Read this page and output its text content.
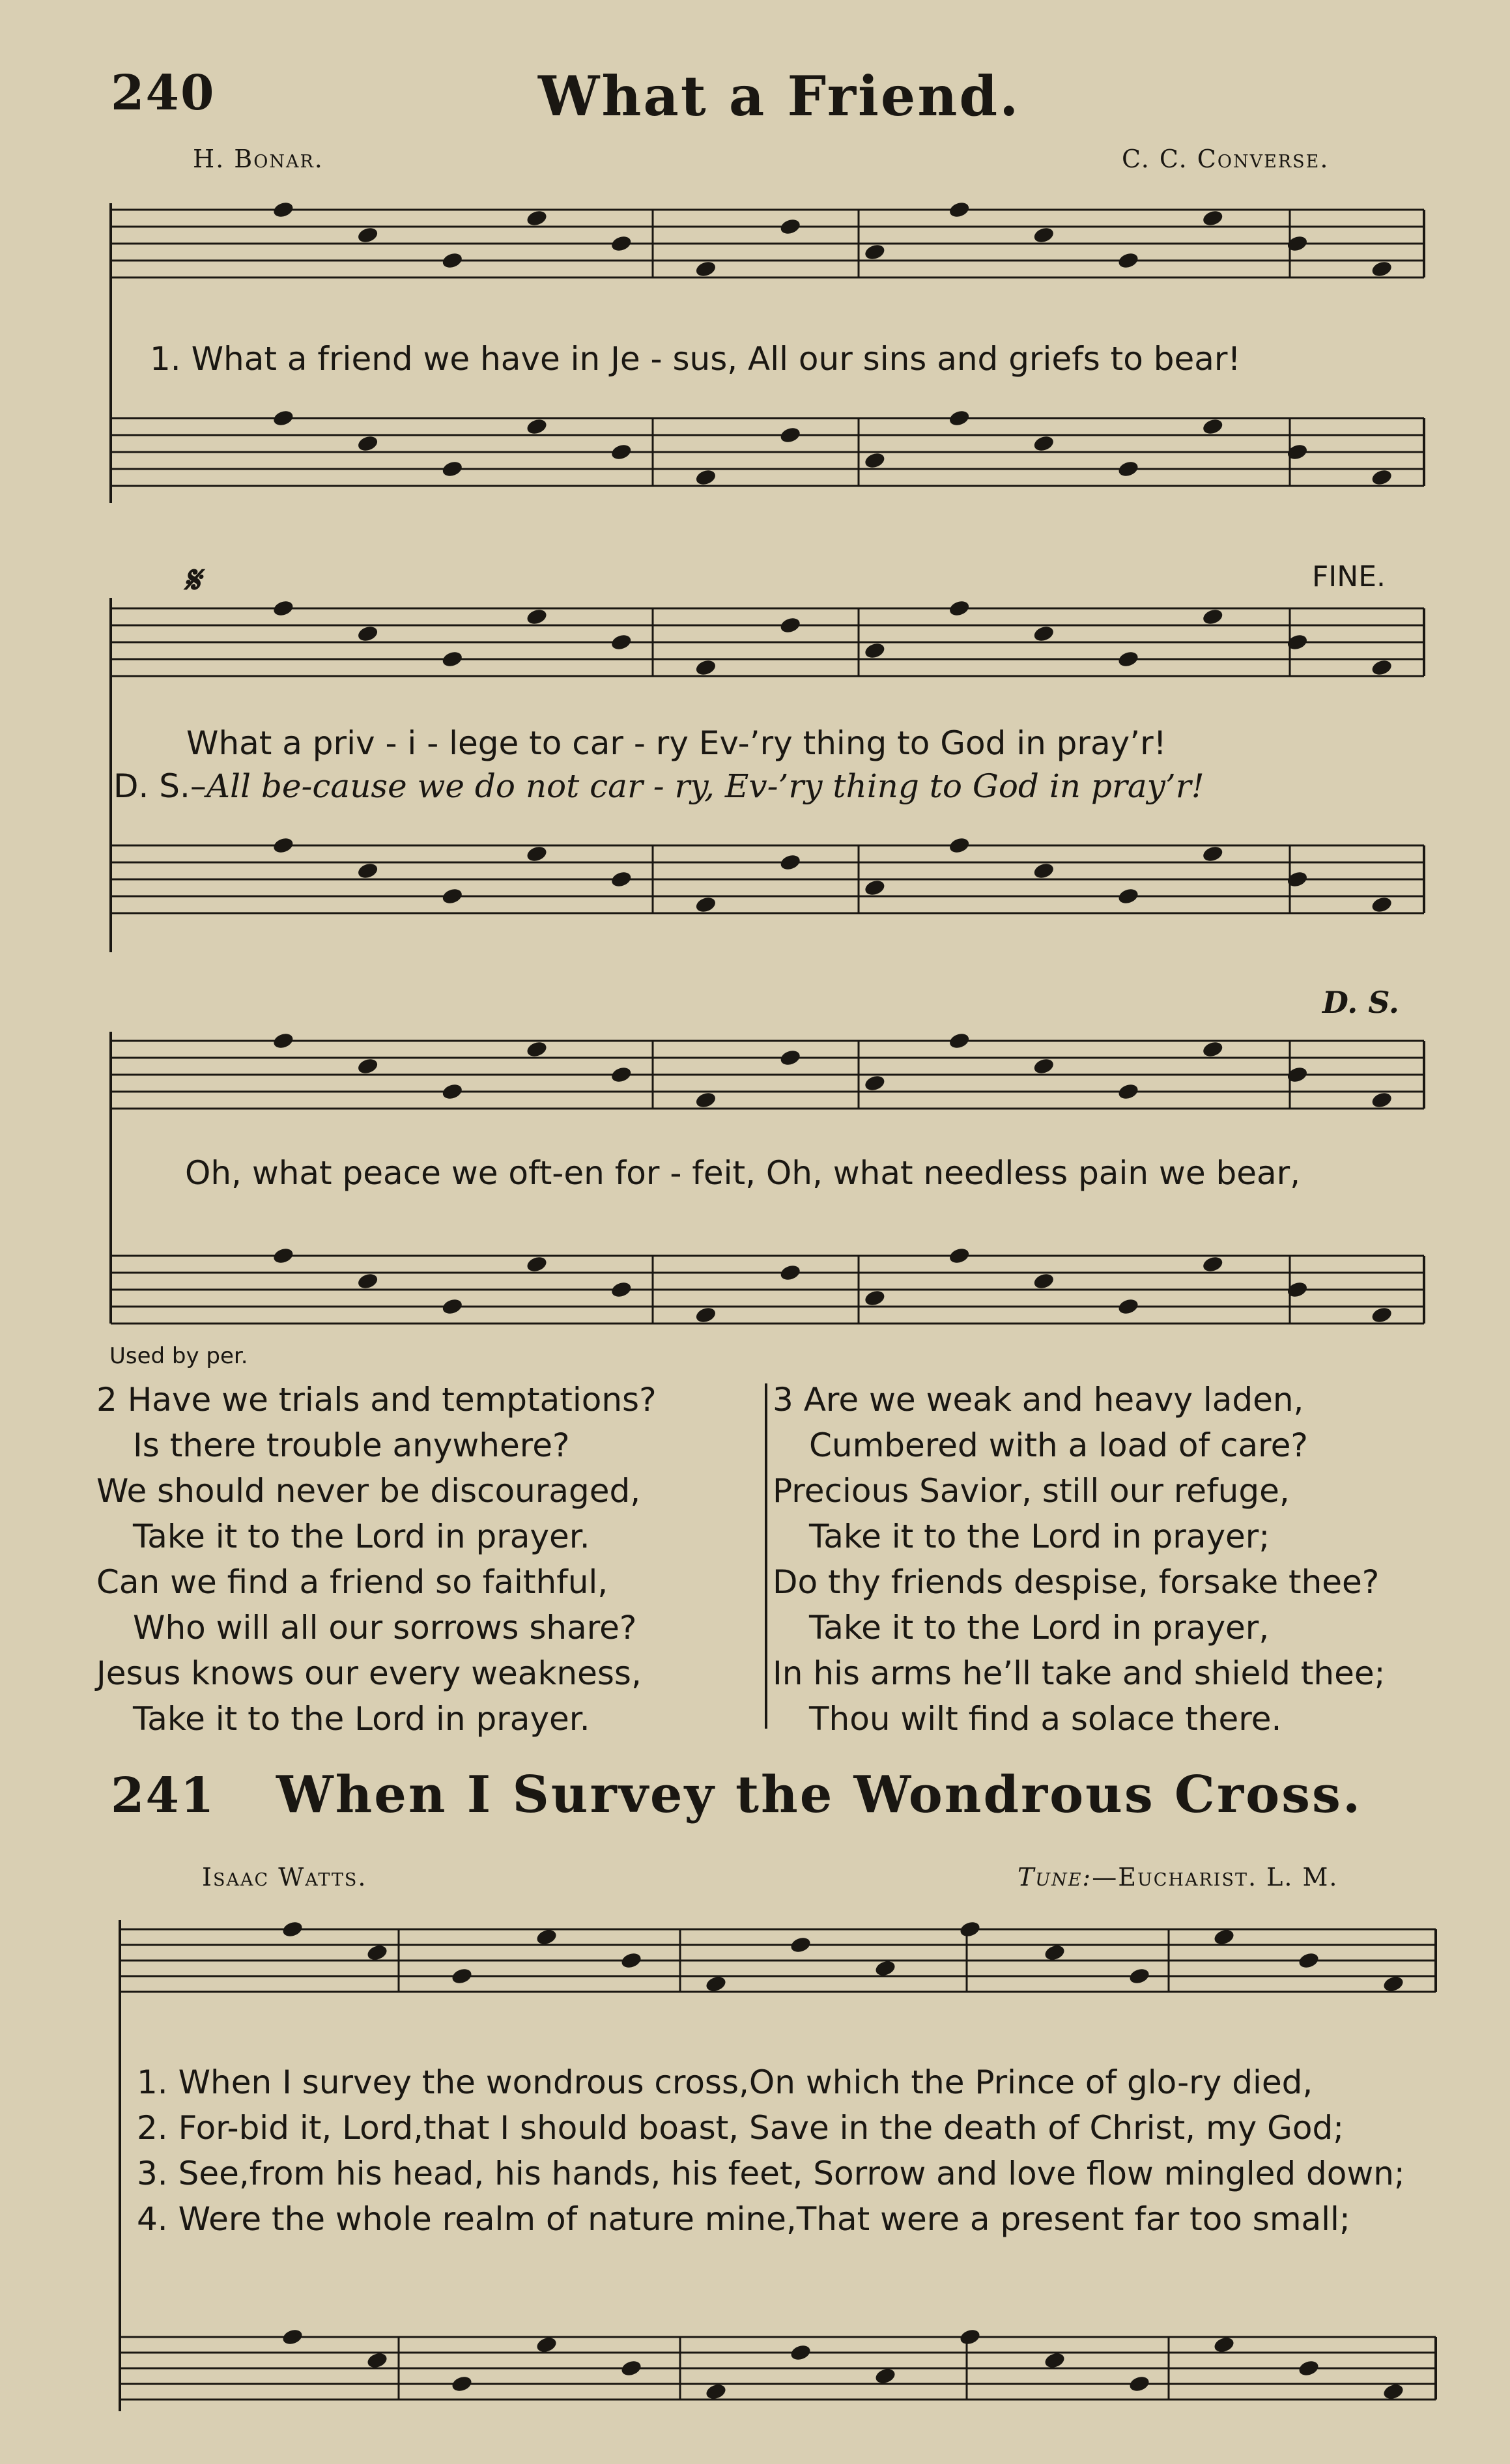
240	What a Friend.
H. Bonar.	C. C. Converse.
1. What a friend we have in Je - sus, All our sins and griefs to bear!
𝄋	FINE.
What a priv - i - lege to car - ry Ev-’ry thing to God in pray’r!
D. S.–All be-cause we do not car - ry, Ev-’ry thing to God in pray’r!
D. S.
Oh, what peace we oft-en for - feit, Oh, what needless pain we bear,
Used by per.
2 Have we trials and temptations?
Is there trouble anywhere?
We should never be discouraged,
Take it to the Lord in prayer.
Can we find a friend so faithful,
Who will all our sorrows share?
Jesus knows our every weakness,
Take it to the Lord in prayer.
3 Are we weak and heavy laden,
Cumbered with a load of care?
Precious Savior, still our refuge,
Take it to the Lord in prayer;
Do thy friends despise, forsake thee?
Take it to the Lord in prayer,
In his arms he’ll take and shield thee;
Thou wilt find a solace there.
241 When I Survey the Wondrous Cross.
Isaac Watts.	Tune:—Eucharist. L. M.
1. When I survey the wondrous cross,On which the Prince of glo-ry died,
2. For-bid it, Lord,that I should boast, Save in the death of Christ, my God;
3. See,from his head, his hands, his feet, Sorrow and love flow mingled down;
4. Were the whole realm of nature mine,That were a present far too small;
